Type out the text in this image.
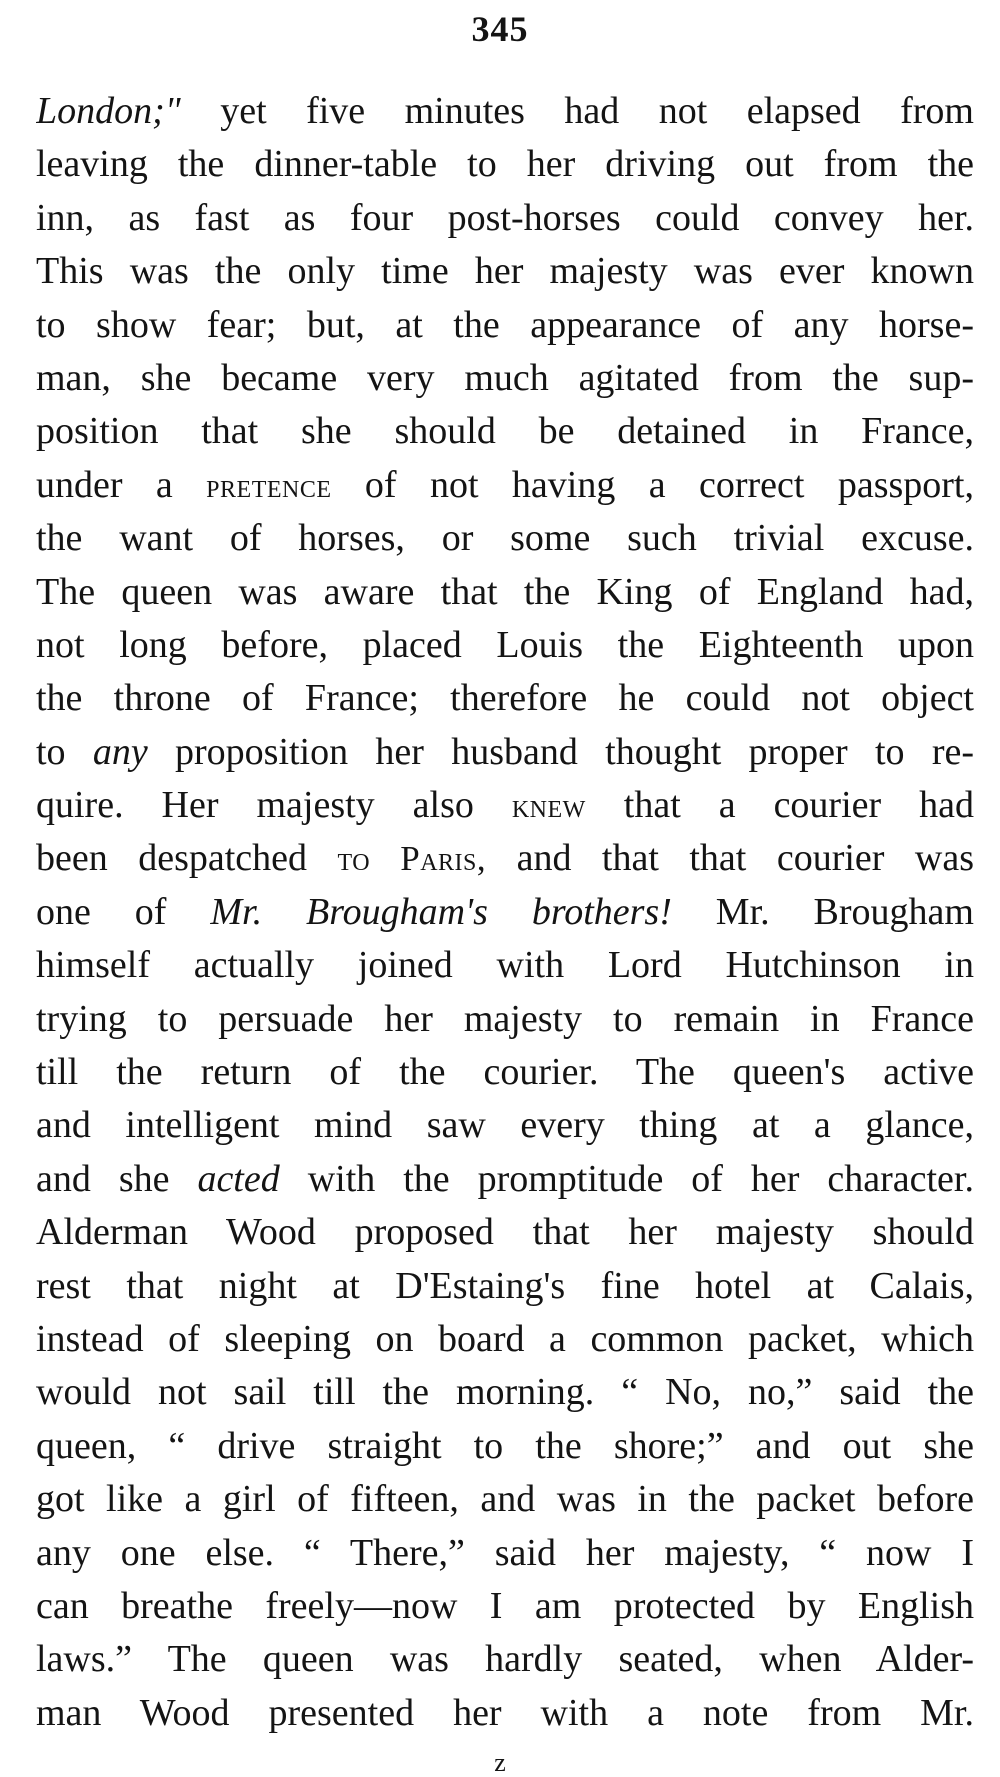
345
London;" yet five minutes had not elapsed from
leaving the dinner-table to her driving out from the
inn, as fast as four post-horses could convey her.
This was the only time her majesty was ever known
to show fear; but, at the appearance of any horse-
man, she became very much agitated from the sup-
position that she should be detained in France,
under a pretence of not having a correct passport,
the want of horses, or some such trivial excuse.
The queen was aware that the King of England had,
not long before, placed Louis the Eighteenth upon
the throne of France; therefore he could not object
to any proposition her husband thought proper to re-
quire. Her majesty also knew that a courier had
been despatched to Paris, and that that courier was
one of Mr. Brougham's brothers! Mr. Brougham
himself actually joined with Lord Hutchinson in
trying to persuade her majesty to remain in France
till the return of the courier. The queen's active
and intelligent mind saw every thing at a glance,
and she acted with the promptitude of her character.
Alderman Wood proposed that her majesty should
rest that night at D'Estaing's fine hotel at Calais,
instead of sleeping on board a common packet, which
would not sail till the morning. “ No, no,” said the
queen, “ drive straight to the shore;” and out she
got like a girl of fifteen, and was in the packet before
any one else. “ There,” said her majesty, “ now I
can breathe freely—now I am protected by English
laws.” The queen was hardly seated, when Alder-
man Wood presented her with a note from Mr.
z
